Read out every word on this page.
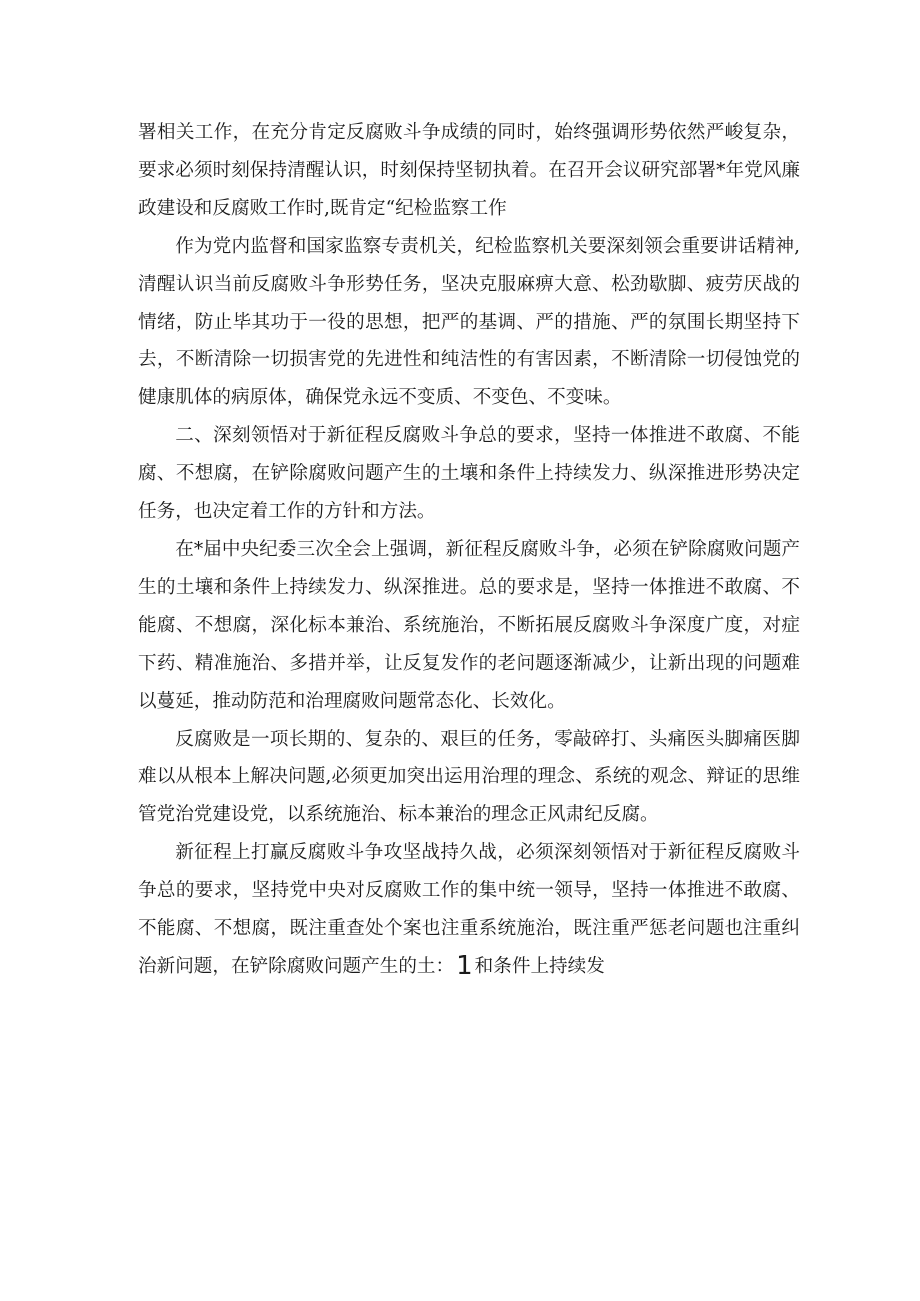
署相关工作，在充分肯定反腐败斗争成绩的同时，始终强调形势依然严峻复杂，要求必须时刻保持清醒认识，时刻保持坚韧执着。在召开会议研究部署*年党风廉政建设和反腐败工作时,既肯定“纪检监察工作

作为党内监督和国家监察专责机关，纪检监察机关要深刻领会重要讲话精神,清醒认识当前反腐败斗争形势任务，坚决克服麻痹大意、松劲歇脚、疲劳厌战的情绪，防止毕其功于一役的思想，把严的基调、严的措施、严的氛围长期坚持下去，不断清除一切损害党的先进性和纯洁性的有害因素，不断清除一切侵蚀党的健康肌体的病原体，确保党永远不变质、不变色、不变味。

二、深刻领悟对于新征程反腐败斗争总的要求，坚持一体推进不敢腐、不能腐、不想腐，在铲除腐败问题产生的土壤和条件上持续发力、纵深推进形势决定任务，也决定着工作的方针和方法。

在*届中央纪委三次全会上强调，新征程反腐败斗争，必须在铲除腐败问题产生的土壤和条件上持续发力、纵深推进。总的要求是，坚持一体推进不敢腐、不能腐、不想腐，深化标本兼治、系统施治，不断拓展反腐败斗争深度广度，对症下药、精准施治、多措并举，让反复发作的老问题逐渐减少，让新出现的问题难以蔓延，推动防范和治理腐败问题常态化、长效化。

反腐败是一项长期的、复杂的、艰巨的任务，零敲碎打、头痛医头脚痛医脚难以从根本上解决问题,必须更加突出运用治理的理念、系统的观念、辩证的思维管党治党建设党，以系统施治、标本兼治的理念正风肃纪反腐。

新征程上打赢反腐败斗争攻坚战持久战，必须深刻领悟对于新征程反腐败斗争总的要求，坚持党中央对反腐败工作的集中统一领导，坚持一体推进不敢腐、不能腐、不想腐，既注重查处个案也注重系统施治，既注重严惩老问题也注重纠治新问题，在铲除腐败问题产生的土：1 和条件上持续发
